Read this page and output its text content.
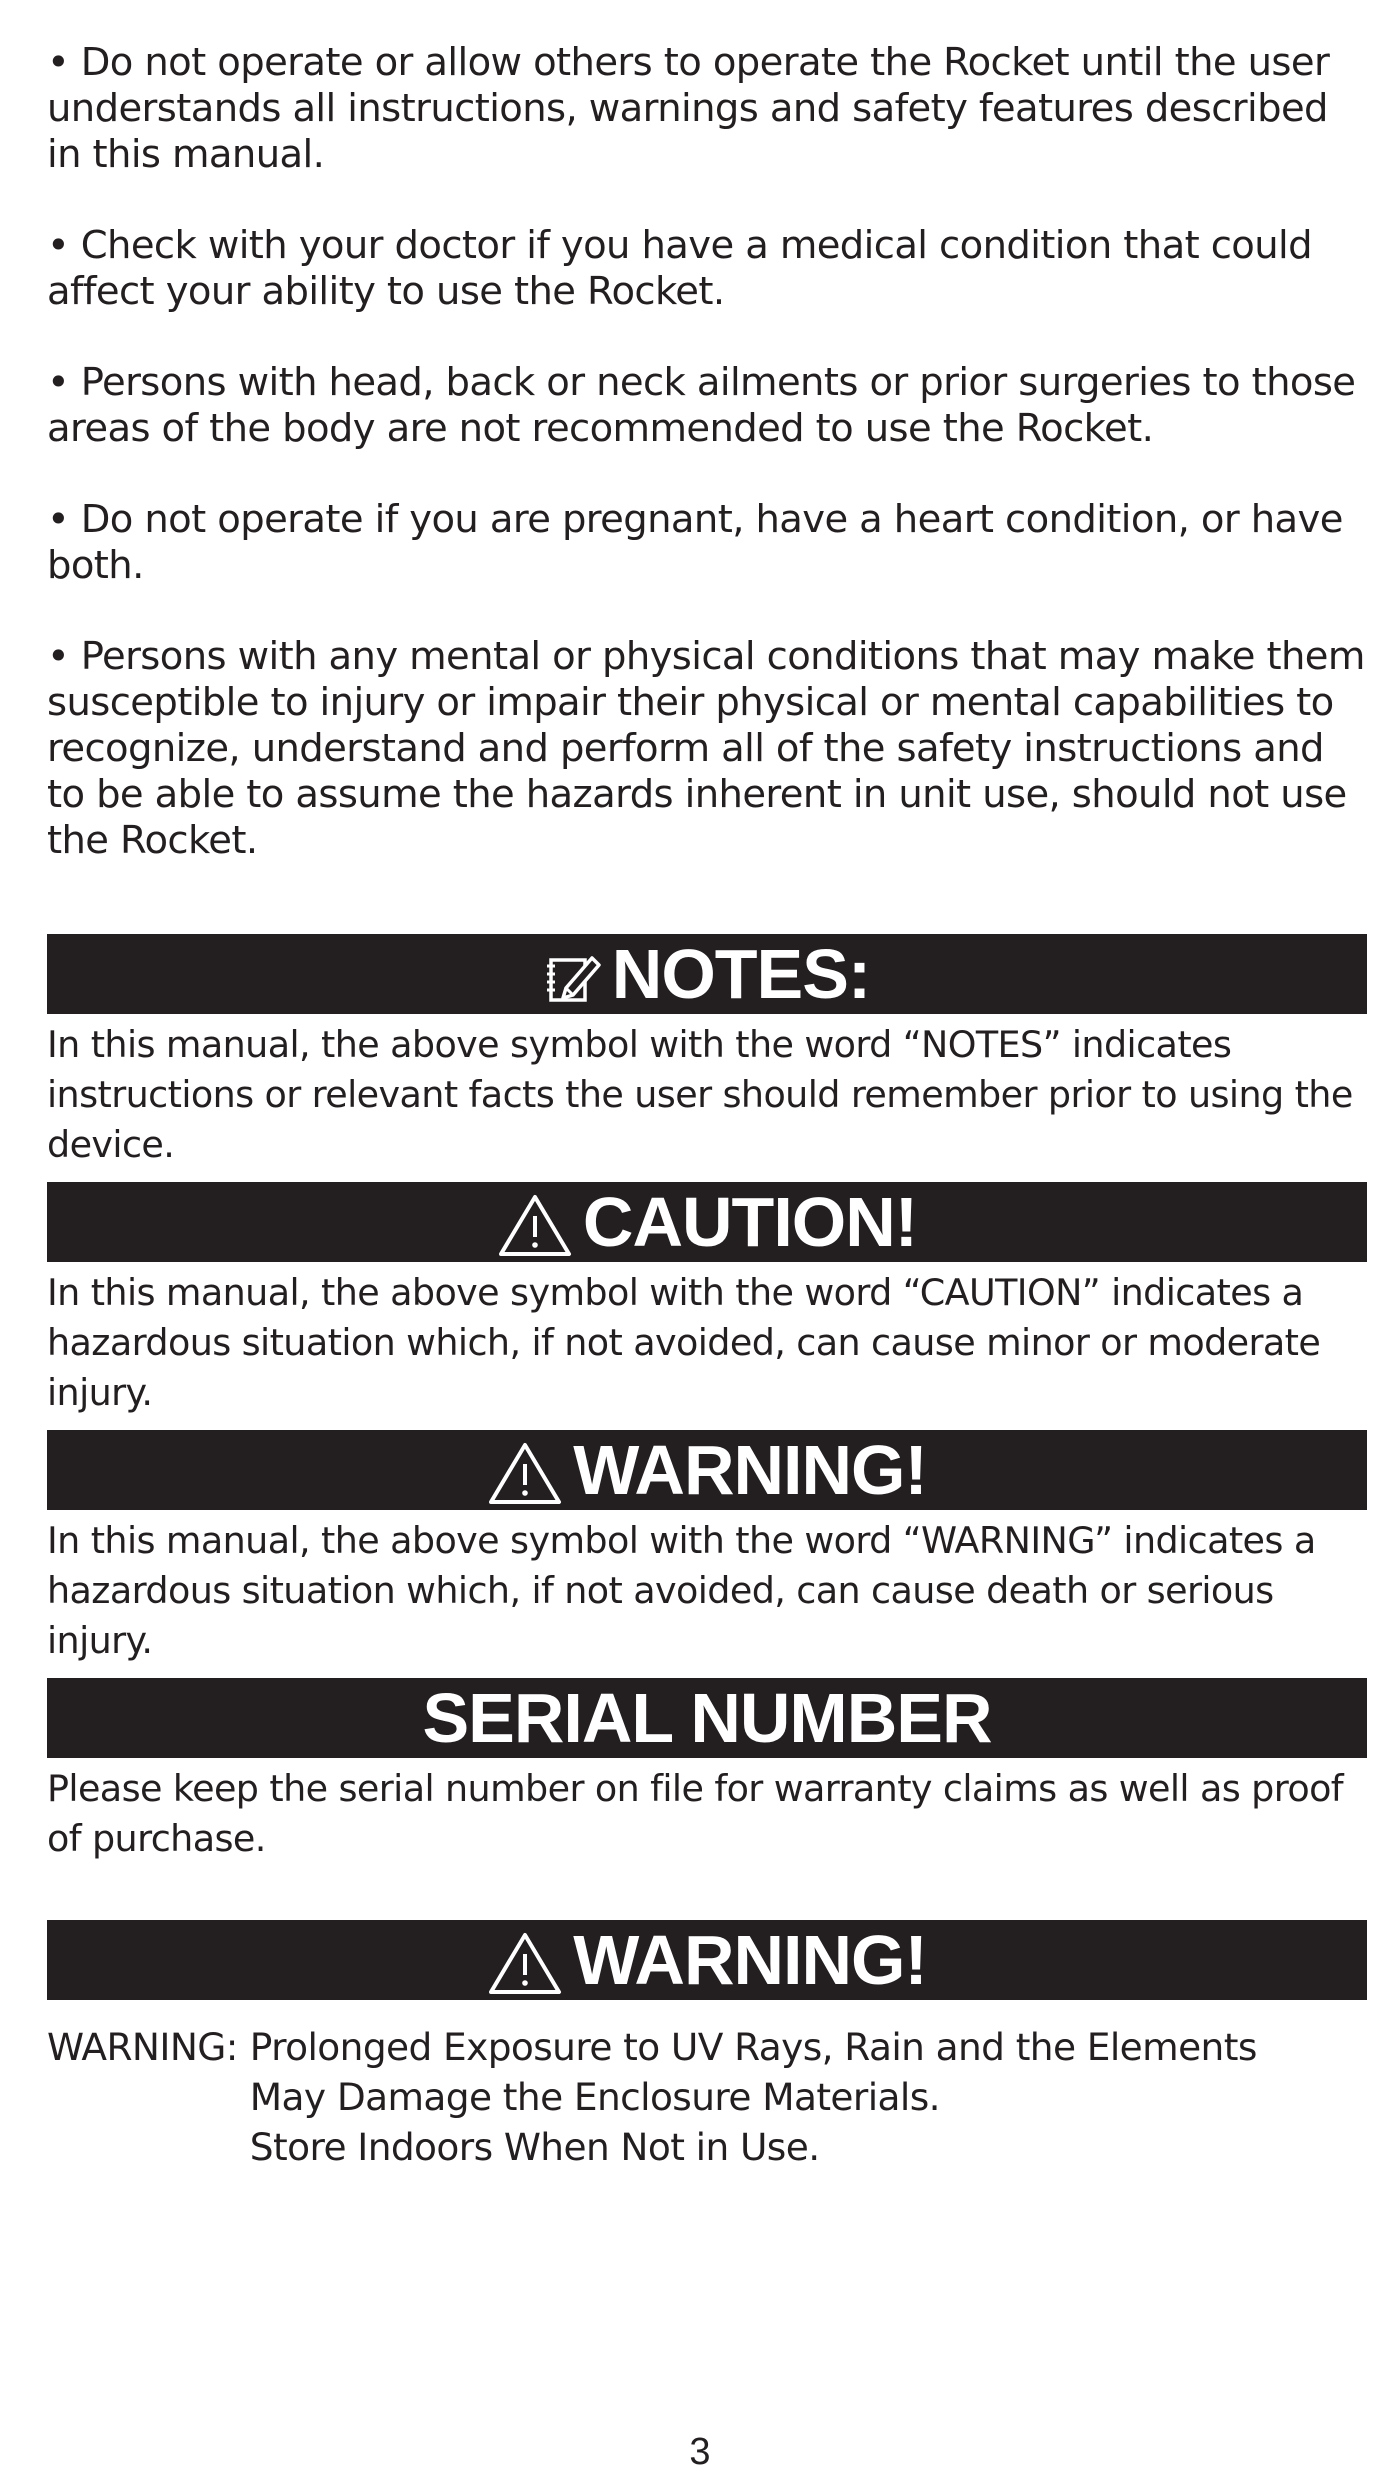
• Do not operate or allow others to operate the Rocket until the user understands all instructions, warnings and safety features described in this manual.

• Check with your doctor if you have a medical condition that could affect your ability to use the Rocket.

• Persons with head, back or neck ailments or prior surgeries to those areas of the body are not recommended to use the Rocket.

• Do not operate if you are pregnant, have a heart condition, or have both.

• Persons with any mental or physical conditions that may make them susceptible to injury or impair their physical or mental capabilities to recognize, understand and perform all of the safety instructions and to be able to assume the hazards inherent in unit use, should not use the Rocket.

NOTES:

In this manual, the above symbol with the word “NOTES” indicates instructions or relevant facts the user should remember prior to using the device.

CAUTION!

In this manual, the above symbol with the word “CAUTION” indicates a hazardous situation which, if not avoided, can cause minor or moderate injury.

WARNING!

In this manual, the above symbol with the word “WARNING” indicates a hazardous situation which, if not avoided, can cause death or serious injury.

SERIAL NUMBER

Please keep the serial number on file for warranty claims as well as proof of purchase.

WARNING!
WARNING: Prolonged Exposure to UV Rays, Rain and the Elements
May Damage the Enclosure Materials.
Store Indoors When Not in Use.
3
